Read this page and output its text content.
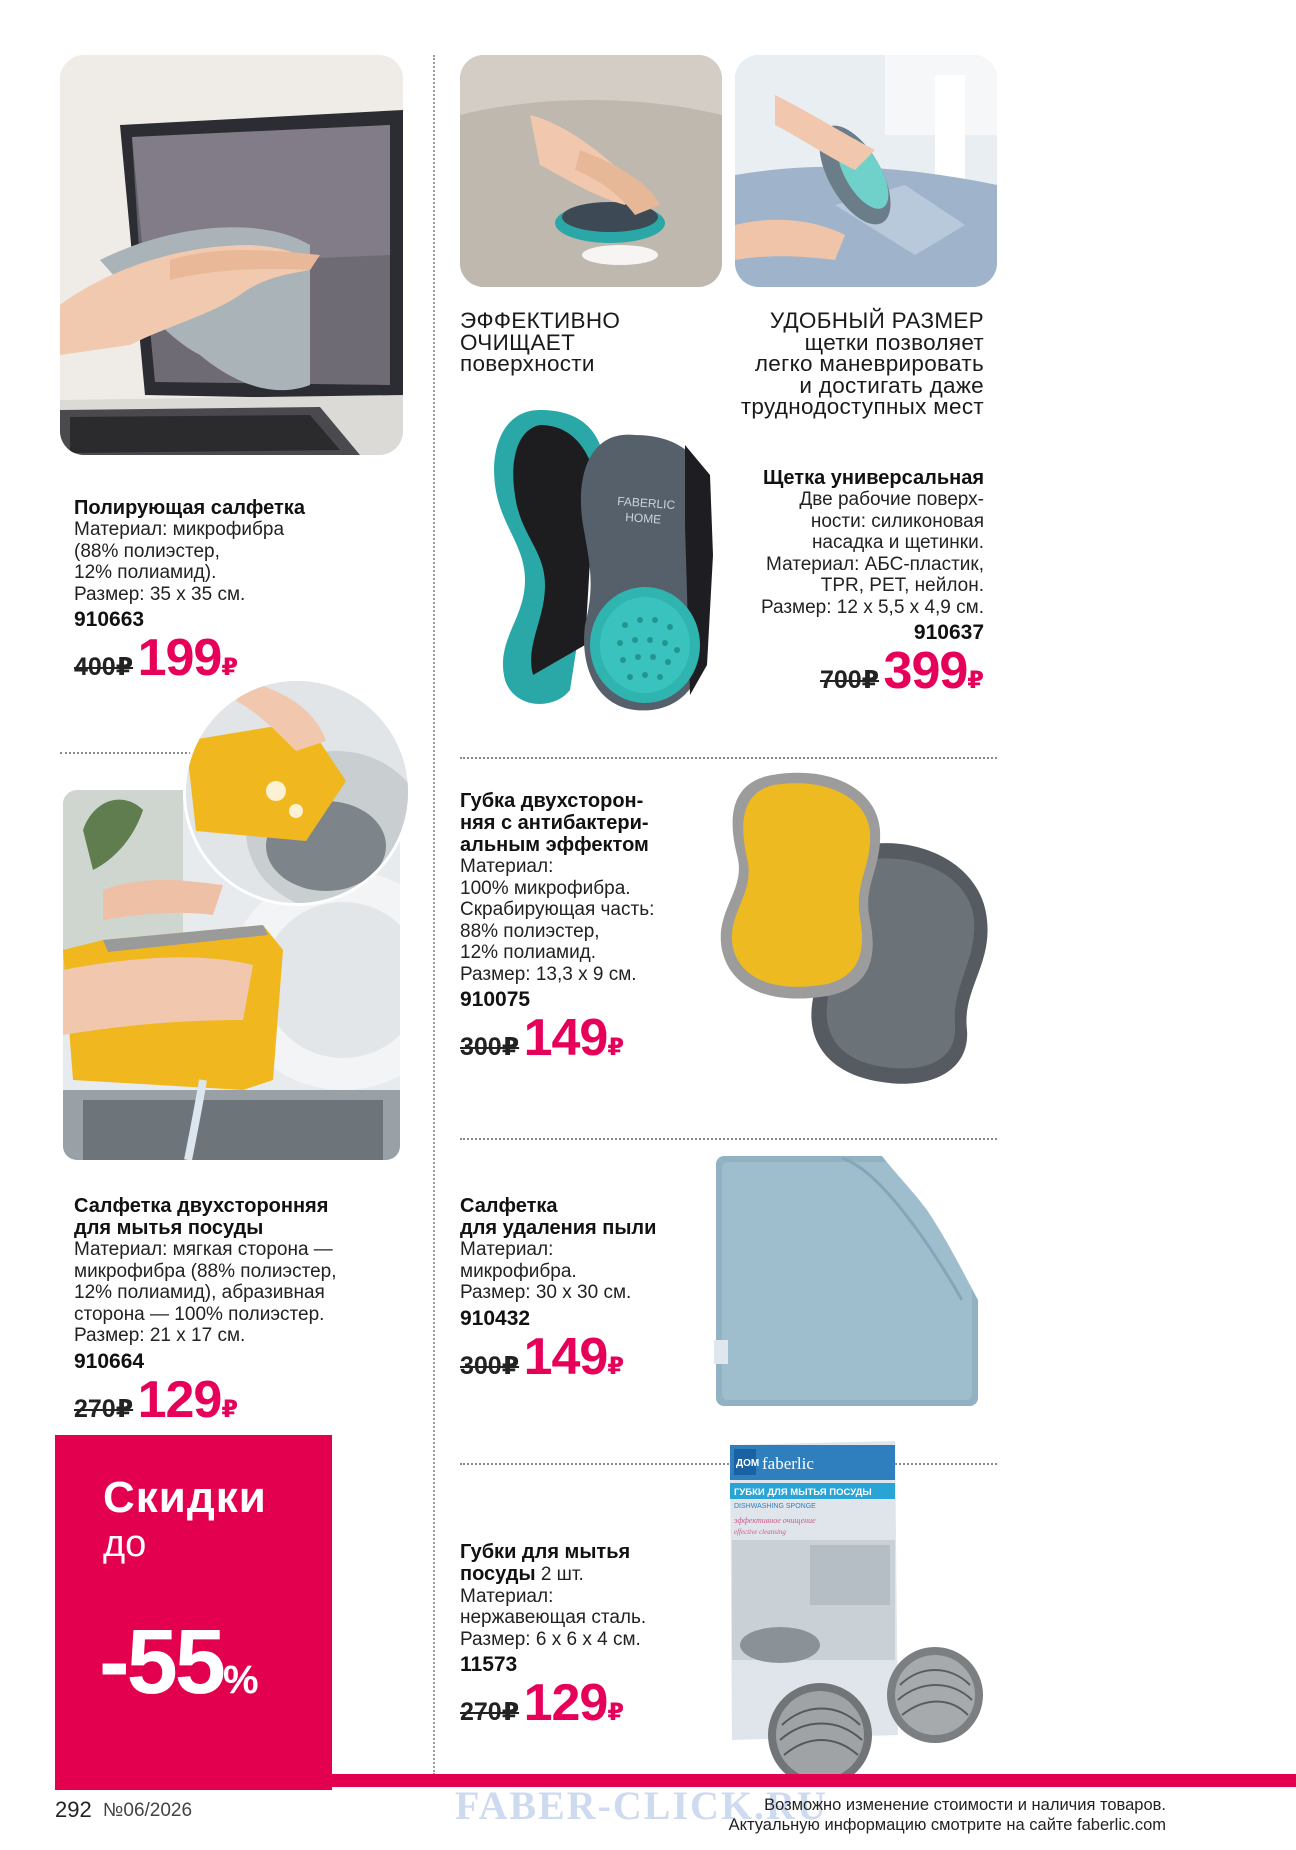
ЭФФЕКТИВНО
ОЧИЩАЕТ
поверхности
УДОБНЫЙ РАЗМЕР
щетки позволяет
легко маневрировать
и достигать даже
труднодоступных мест
FABERLIC
HOME
Полирующая салфетка
Материал: микрофибра
(88% полиэстер,
12% полиамид).
Размер: 35 х 35 см.
910663
400₽ 199₽
Щетка универсальная
Две рабочие поверх-
ности: силиконовая
насадка и щетинки.
Материал: АБС-пластик,
TPR, PET, нейлон.
Размер: 12 х 5,5 х 4,9 см.
910637
700₽ 399₽
Губка двухсторон-
няя с антибактери-
альным эффектом
Материал:
100% микрофибра.
Скрабирующая часть:
88% полиэстер,
12% полиамид.
Размер: 13,3 х 9 см.
910075
300₽ 149₽
Салфетка двухсторонняя
для мытья посуды
Материал: мягкая сторона —
микрофибра (88% полиэстер,
12% полиамид), абразивная
сторона — 100% полиэстер.
Размер: 21 х 17 см.
910664
270₽ 129₽
Салфетка
для удаления пыли
Материал:
микрофибра.
Размер: 30 х 30 см.
910432
300₽ 149₽
Скидки
до
-55%
Губки для мытья
посуды 2 шт.
Материал:
нержавеющая сталь.
Размер: 6 х 6 х 4 см.
11573
270₽ 129₽
ДОМ faberlic
ГУБКИ ДЛЯ МЫТЬЯ ПОСУДЫ
DISHWASHING SPONGE
эффективное очищение
effective cleansing
292 №06/2026	FABER-CLICK.RU
Возможно изменение стоимости и наличия товаров.
Актуальную информацию смотрите на сайте faberlic.com
